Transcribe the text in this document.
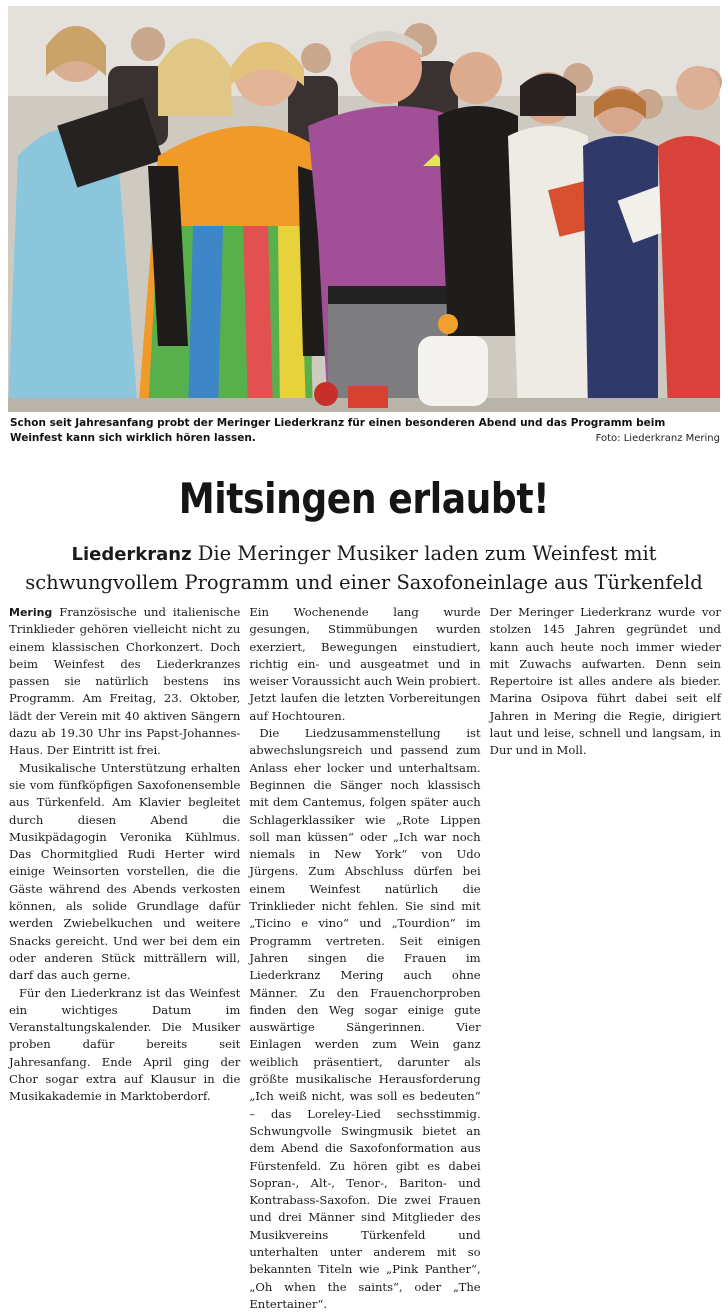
Schon seit Jahresanfang probt der Meringer Liederkranz für einen besonderen Abend und das Programm beim Weinfest kann sich wirklich hören lassen.	Foto: Liederkranz Mering
Mitsingen erlaubt!
Liederkranz Die Meringer Musiker laden zum Weinfest mit schwungvollem Programm und einer Saxofoneinlage aus Türkenfeld

Mering Französische und italienische Trinklieder gehören vielleicht nicht zu einem klassischen Chorkonzert. Doch beim Weinfest des Liederkranzes passen sie natürlich bestens ins Programm. Am Freitag, 23. Oktober, lädt der Verein mit 40 aktiven Sängern dazu ab 19.30 Uhr ins Papst-Johannes-Haus. Der Eintritt ist frei.

Musikalische Unterstützung erhalten sie vom fünfköpfigen Saxofonensemble aus Türkenfeld. Am Klavier begleitet durch diesen Abend die Musikpädagogin Veronika Kühlmus. Das Chormitglied Rudi Herter wird einige Weinsorten vorstellen, die die Gäste während des Abends verkosten können, als solide Grundlage dafür werden Zwiebelkuchen und weitere Snacks gereicht. Und wer bei dem ein oder anderen Stück mitträllern will, darf das auch gerne.

Für den Liederkranz ist das Weinfest ein wichtiges Datum im Veranstaltungskalender. Die Musiker proben dafür bereits seit Jahresanfang. Ende April ging der Chor sogar extra auf Klausur in die Musikakademie in Marktoberdorf.

Ein Wochenende lang wurde gesungen, Stimmübungen wurden exerziert, Bewegungen einstudiert, richtig ein- und ausgeatmet und in weiser Voraussicht auch Wein probiert. Jetzt laufen die letzten Vorbereitungen auf Hochtouren.

Die Liedzusammenstellung ist abwechslungsreich und passend zum Anlass eher locker und unterhaltsam. Beginnen die Sänger noch klassisch mit dem Cantemus, folgen später auch Schlagerklassiker wie „Rote Lippen soll man küssen“ oder „Ich war noch niemals in New York“ von Udo Jürgens. Zum Abschluss dürfen bei einem Weinfest natürlich die Trinklieder nicht fehlen. Sie sind mit „Ticino e vino“ und „Tourdion“ im Programm vertreten. Seit einigen Jahren singen die Frauen im Liederkranz Mering auch ohne Männer. Zu den Frauenchorproben finden den Weg sogar einige gute auswärtige Sängerinnen. Vier Einlagen werden zum Wein ganz weiblich präsentiert, darunter als größte musikalische Herausforderung „Ich weiß nicht, was soll es bedeuten“ – das Loreley-Lied sechsstimmig. Schwungvolle Swingmusik bietet an dem Abend die Saxofonformation aus Fürstenfeld. Zu hören gibt es dabei Sopran-, Alt-, Tenor-, Bariton- und Kontrabass-Saxofon. Die zwei Frauen und drei Männer sind Mitglieder des Musikvereins Türkenfeld und unterhalten unter anderem mit so bekannten Titeln wie „Pink Panther“, „Oh when the saints“, oder „The Entertainer“.

Der Meringer Liederkranz wurde vor stolzen 145 Jahren gegründet und kann auch heute noch immer wieder mit Zuwachs aufwarten. Denn sein Repertoire ist alles andere als bieder. Marina Osipova führt dabei seit elf Jahren in Mering die Regie, dirigiert laut und leise, schnell und langsam, in Dur und in Moll.
